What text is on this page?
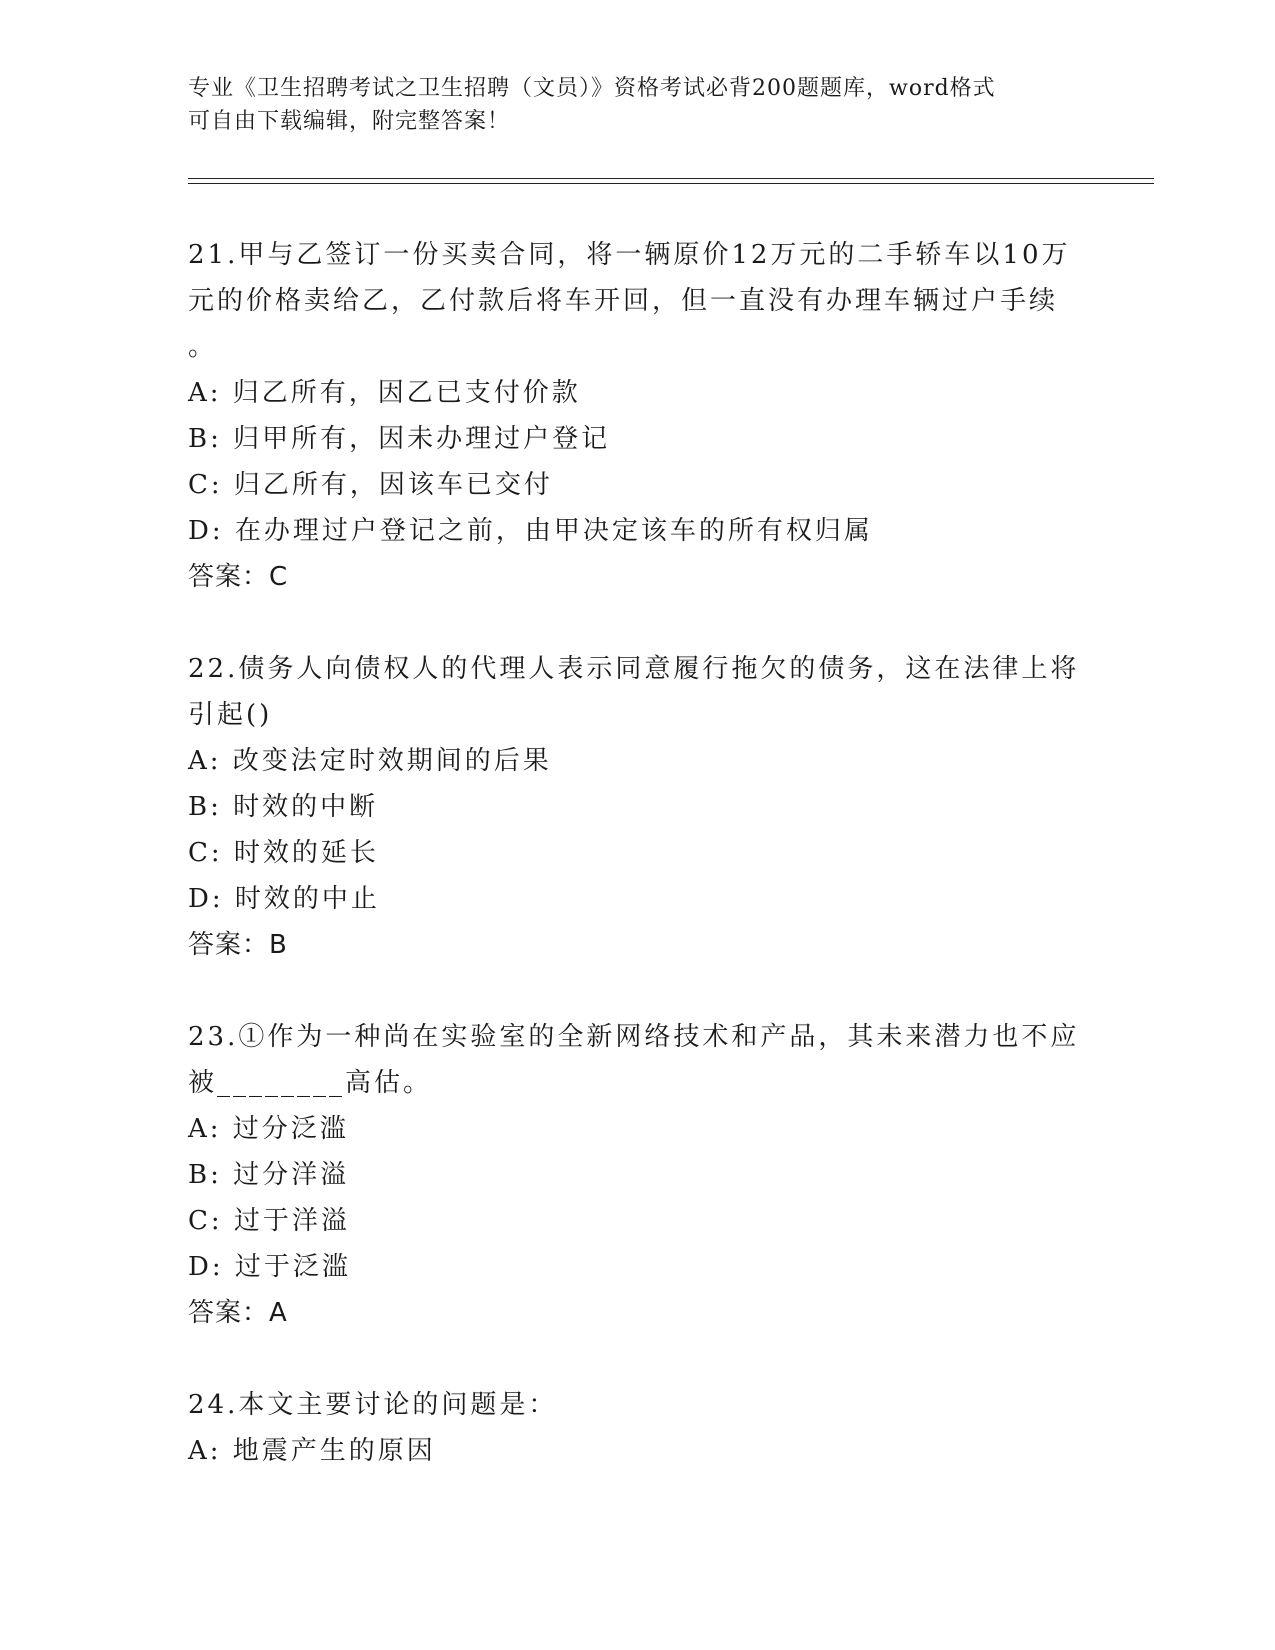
专业《卫生招聘考试之卫生招聘（文员）》资格考试必背200题题库，word格式
可自由下载编辑，附完整答案！
21.甲与乙签订一份买卖合同，将一辆原价12万元的二手轿车以10万
元的价格卖给乙，乙付款后将车开回，但一直没有办理车辆过户手续
。
A: 归乙所有，因乙已支付价款
B: 归甲所有，因未办理过户登记
C: 归乙所有，因该车已交付
D: 在办理过户登记之前，由甲决定该车的所有权归属
答案：C
22.债务人向债权人的代理人表示同意履行拖欠的债务，这在法律上将
引起()
A: 改变法定时效期间的后果
B: 时效的中断
C: 时效的延长
D: 时效的中止
答案：B
23.①作为一种尚在实验室的全新网络技术和产品，其未来潜力也不应
被________高估。
A: 过分泛滥
B: 过分洋溢
C: 过于洋溢
D: 过于泛滥
答案：A
24.本文主要讨论的问题是：
A: 地震产生的原因
